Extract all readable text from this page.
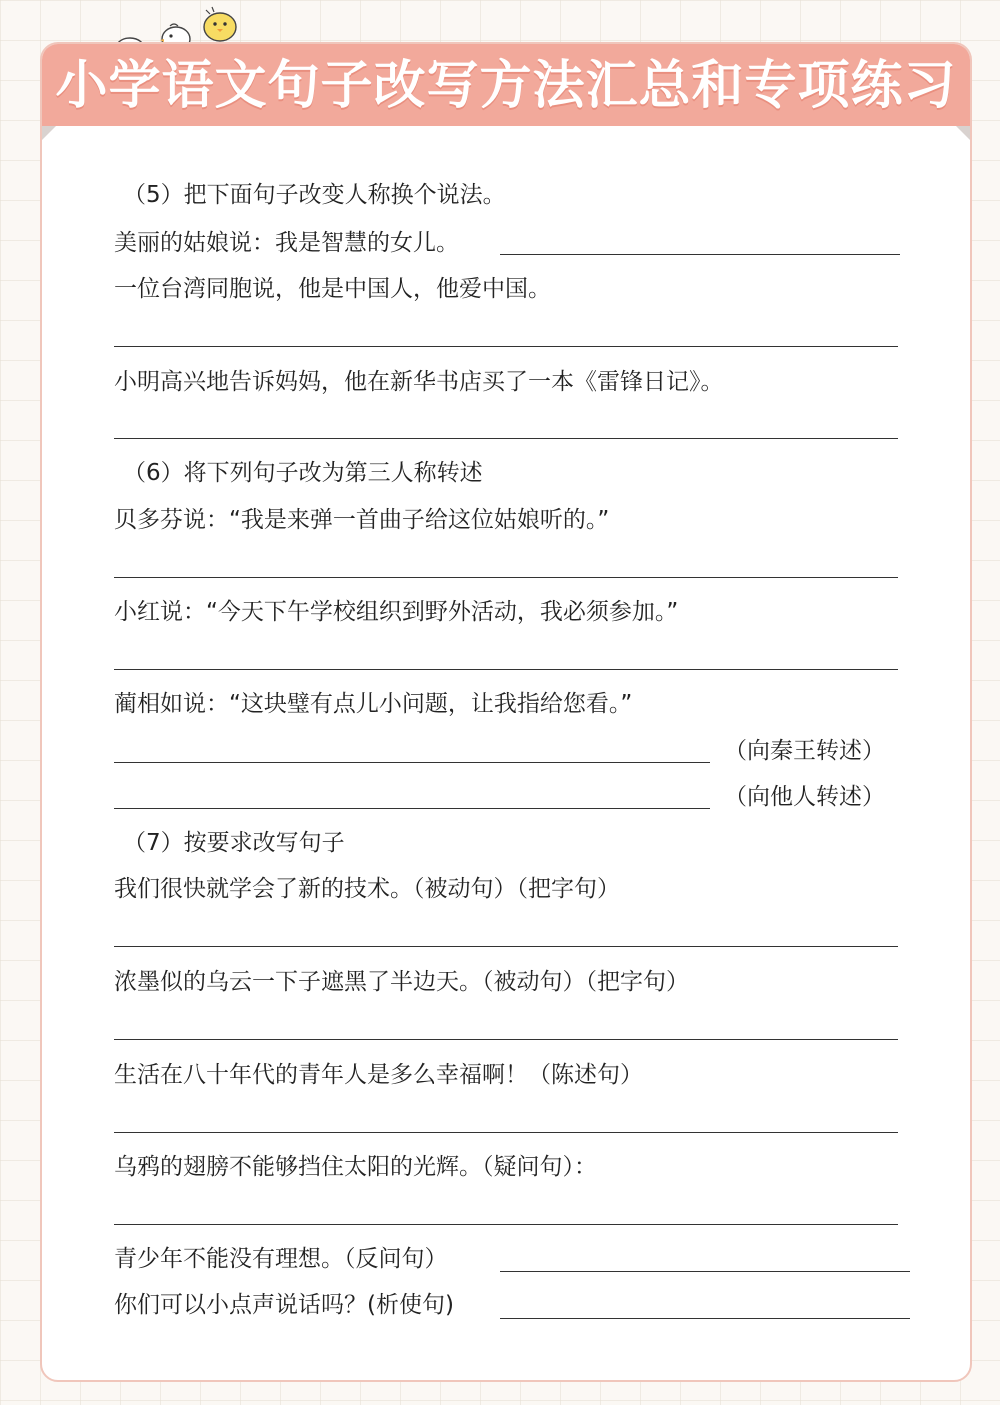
小学语文句子改写方法汇总和专项练习
（5）把下面句子改变人称换个说法。
美丽的姑娘说：我是智慧的女儿。
一位台湾同胞说，他是中国人，他爱中国。
小明高兴地告诉妈妈，他在新华书店买了一本《雷锋日记》。
（6）将下列句子改为第三人称转述
贝多芬说：“我是来弹一首曲子给这位姑娘听的。”
小红说：“今天下午学校组织到野外活动，我必须参加。”
蔺相如说：“这块璧有点儿小问题，让我指给您看。”
（向秦王转述）
（向他人转述）
（7）按要求改写句子
我们很快就学会了新的技术。（被动句）（把字句）
浓墨似的乌云一下子遮黑了半边天。（被动句）（把字句）
生活在八十年代的青年人是多么幸福啊！（陈述句）
乌鸦的翅膀不能够挡住太阳的光辉。（疑问句）：
青少年不能没有理想。（反问句）
你们可以小点声说话吗？(析使句)
